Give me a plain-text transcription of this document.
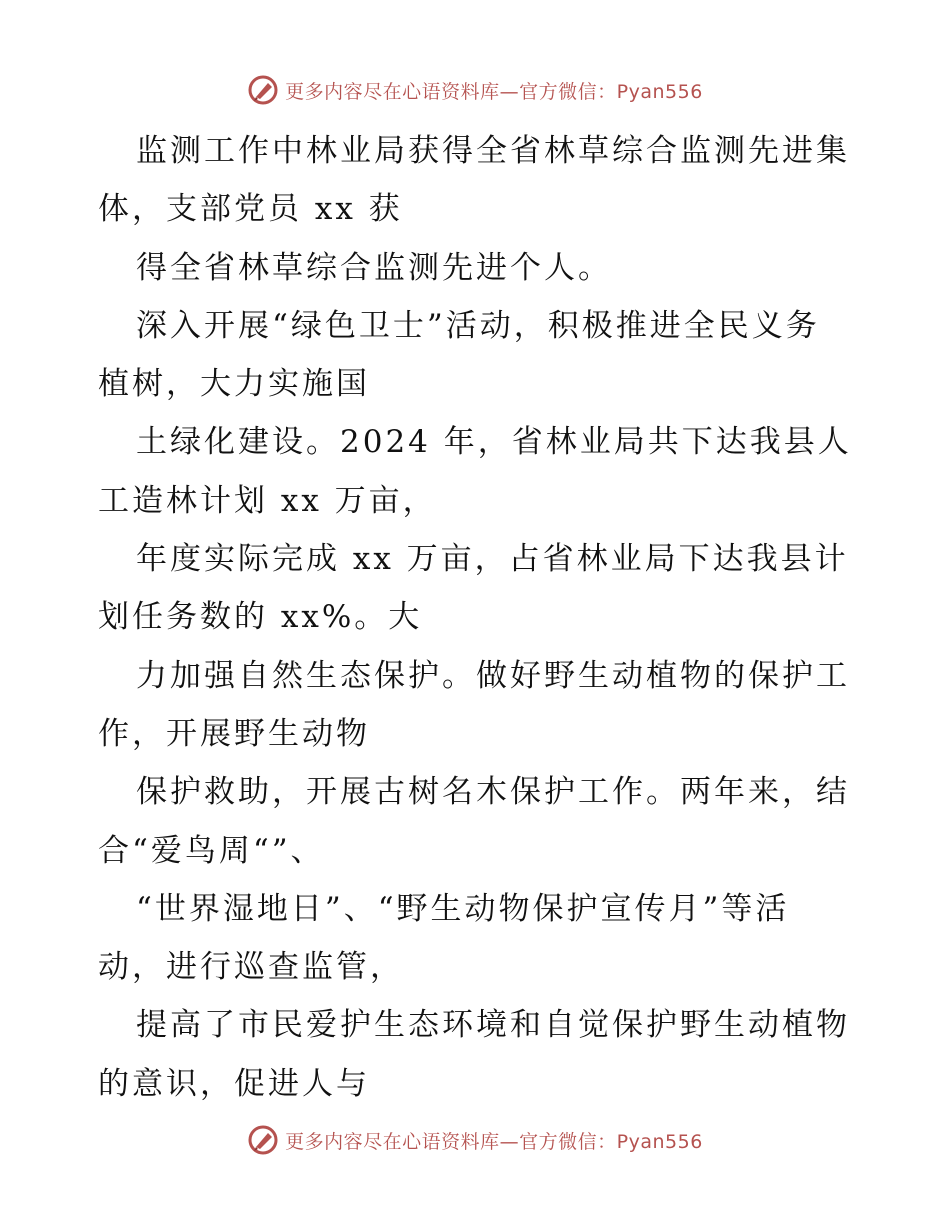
更多内容尽在心语资料库—官方微信：Pyan556
监测工作中林业局获得全省林草综合监测先进集
体，支部党员 xx 获
得全省林草综合监测先进个人。
深入开展“绿色卫士”活动，积极推进全民义务
植树，大力实施国
土绿化建设。2024 年，省林业局共下达我县人
工造林计划 xx 万亩，
年度实际完成 xx 万亩，占省林业局下达我县计
划任务数的 xx%。大
力加强自然生态保护。做好野生动植物的保护工
作，开展野生动物
保护救助，开展古树名木保护工作。两年来，结
合“爱鸟周“”、
“世界湿地日”、“野生动物保护宣传月”等活
动，进行巡查监管，
提高了市民爱护生态环境和自觉保护野生动植物
的意识，促进人与
更多内容尽在心语资料库—官方微信：Pyan556
